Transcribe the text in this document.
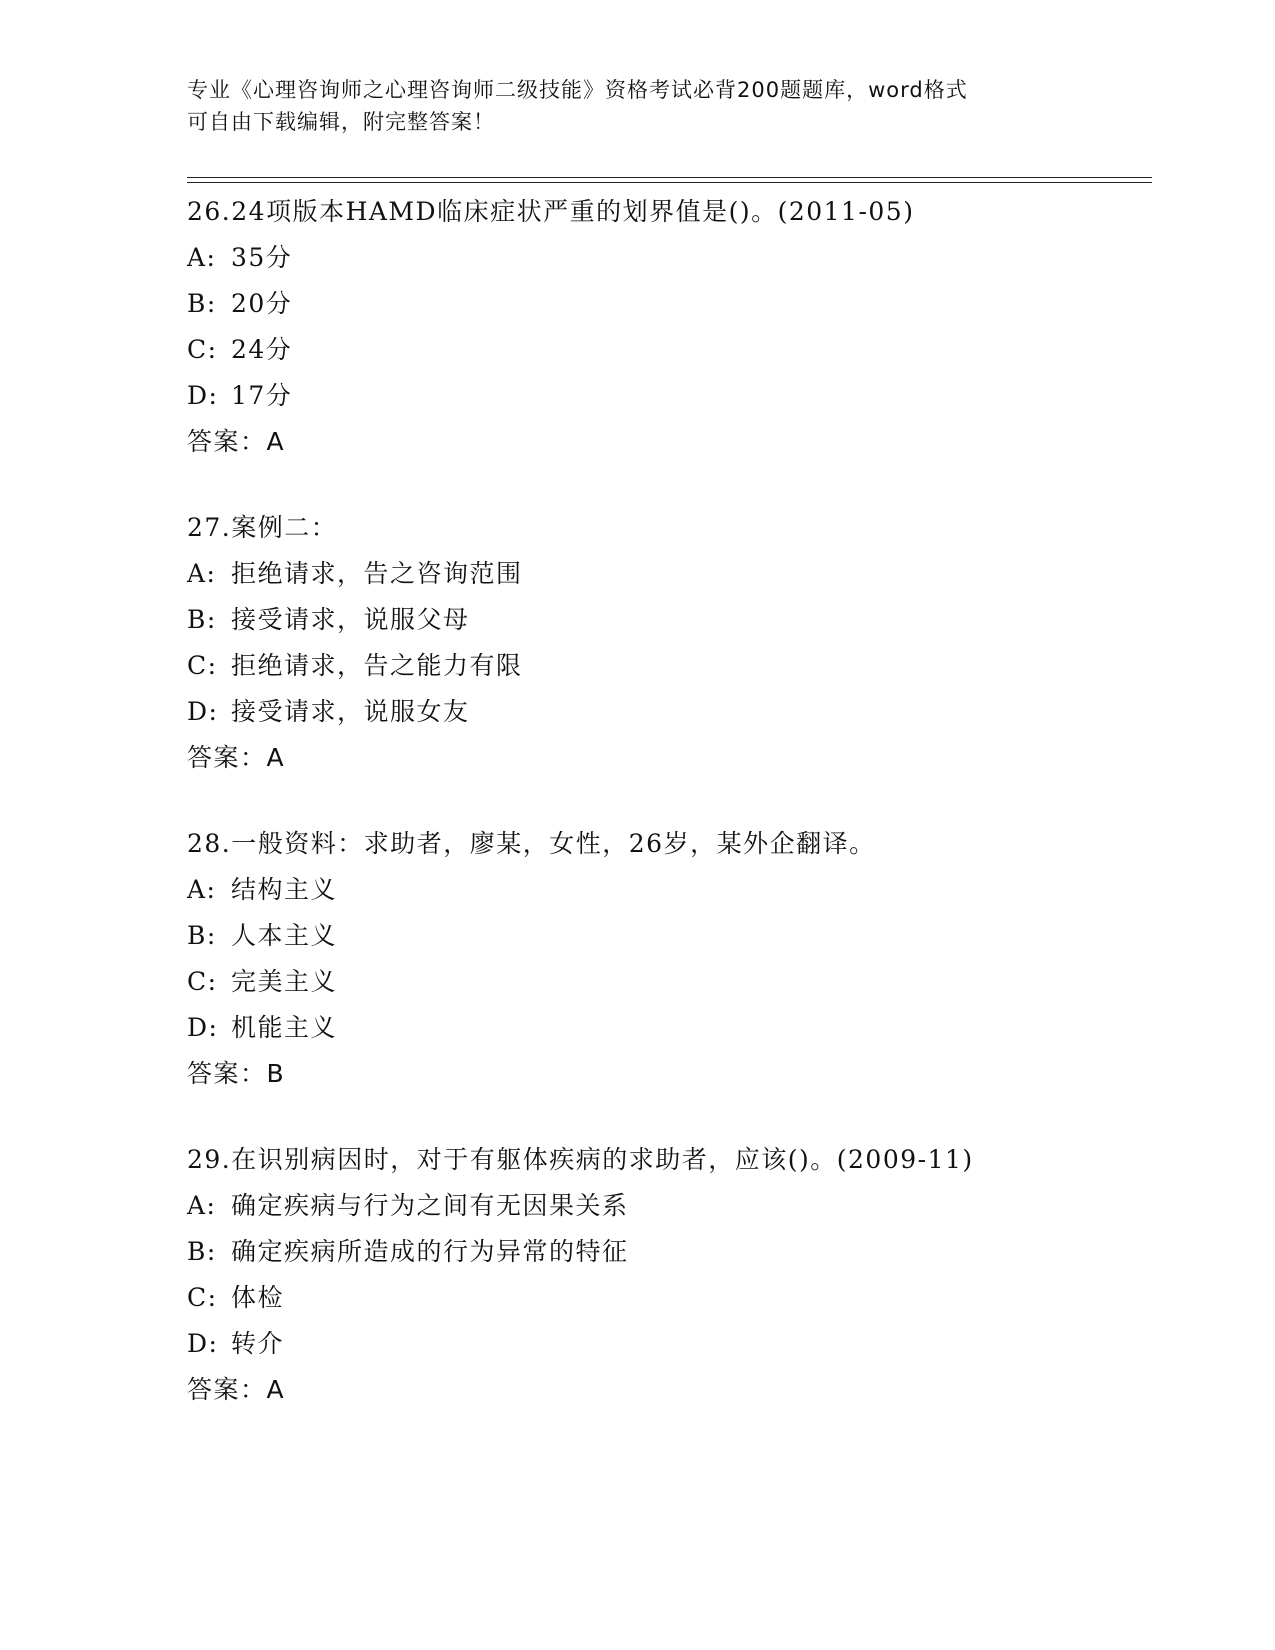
专业《心理咨询师之心理咨询师二级技能》资格考试必背200题题库，word格式
可自由下载编辑，附完整答案！
26.24项版本HAMD临床症状严重的划界值是()。(2011-05)
A: 35分
B: 20分
C: 24分
D: 17分
答案：A
27.案例二：
A: 拒绝请求，告之咨询范围
B: 接受请求，说服父母
C: 拒绝请求，告之能力有限
D: 接受请求，说服女友
答案：A
28.一般资料：求助者，廖某，女性，26岁，某外企翻译。
A: 结构主义
B: 人本主义
C: 完美主义
D: 机能主义
答案：B
29.在识别病因时，对于有躯体疾病的求助者，应该()。(2009-11)
A: 确定疾病与行为之间有无因果关系
B: 确定疾病所造成的行为异常的特征
C: 体检
D: 转介
答案：A
